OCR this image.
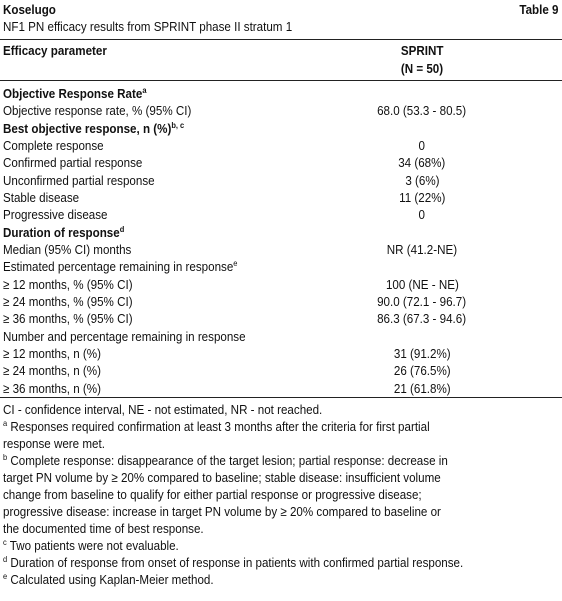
Koselugo	Table 9
NF1 PN efficacy results from SPRINT phase II stratum 1
Efficacy parameter	SPRINT
(N = 50)
Objective Response Rate$^a$
Objective response rate, % (95% CI)	68.0 (53.3 - 80.5)
Best objective response, n (%)$^{b, c}$
Complete response	0
Confirmed partial response	34 (68%)
Unconfirmed partial response	3 (6%)
Stable disease	11 (22%)
Progressive disease	0
Duration of response$^d$
Median (95% CI) months	NR (41.2-NE)
Estimated percentage remaining in response$^e$
≥ 12 months, % (95% CI)	100 (NE - NE)
≥ 24 months, % (95% CI)	90.0 (72.1 - 96.7)
≥ 36 months, % (95% CI)	86.3 (67.3 - 94.6)
Number and percentage remaining in response
≥ 12 months, n (%)	31 (91.2%)
≥ 24 months, n (%)	26 (76.5%)
≥ 36 months, n (%)	21 (61.8%)

CI - confidence interval, NE - not estimated, NR - not reached.

$^a$ Responses required confirmation at least 3 months after the criteria for first partial
response were met.
$^b$ Complete response: disappearance of the target lesion; partial response: decrease in
target PN volume by ≥ 20% compared to baseline; stable disease: insufficient volume
change from baseline to qualify for either partial response or progressive disease;
progressive disease: increase in target PN volume by ≥ 20% compared to baseline or
the documented time of best response.
$^c$ Two patients were not evaluable.
$^d$ Duration of response from onset of response in patients with confirmed partial response.
$^e$ Calculated using Kaplan-Meier method.
